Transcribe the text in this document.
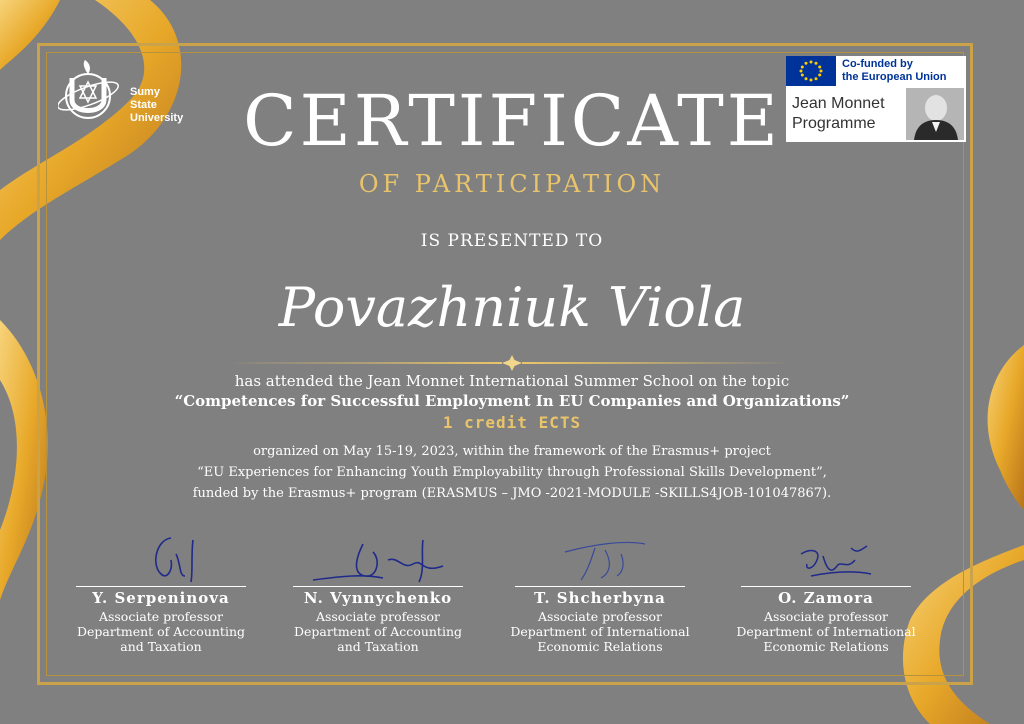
Sumy
State
University
Co-funded by
the European Union
Jean Monnet
Programme
CERTIFICATE
OF PARTICIPATION
IS PRESENTED TO
Povazhniuk Viola
has attended the Jean Monnet International Summer School on the topic
“Competences for Successful Employment In EU Companies and Organizations”
1 credit ECTS
organized on May 15-19, 2023, within the framework of the Erasmus+ project
“EU Experiences for Enhancing Youth Employability through Professional Skills Development”,
funded by the Erasmus+ program (ERASMUS – JMO -2021-MODULE -SKILLS4JOB-101047867).
Y. Serpeninova
Associate professor
Department of Accounting
and Taxation
N. Vynnychenko
Associate professor
Department of Accounting
and Taxation
T. Shcherbyna
Associate professor
Department of International
Economic Relations
O. Zamora
Associate professor
Department of International
Economic Relations
